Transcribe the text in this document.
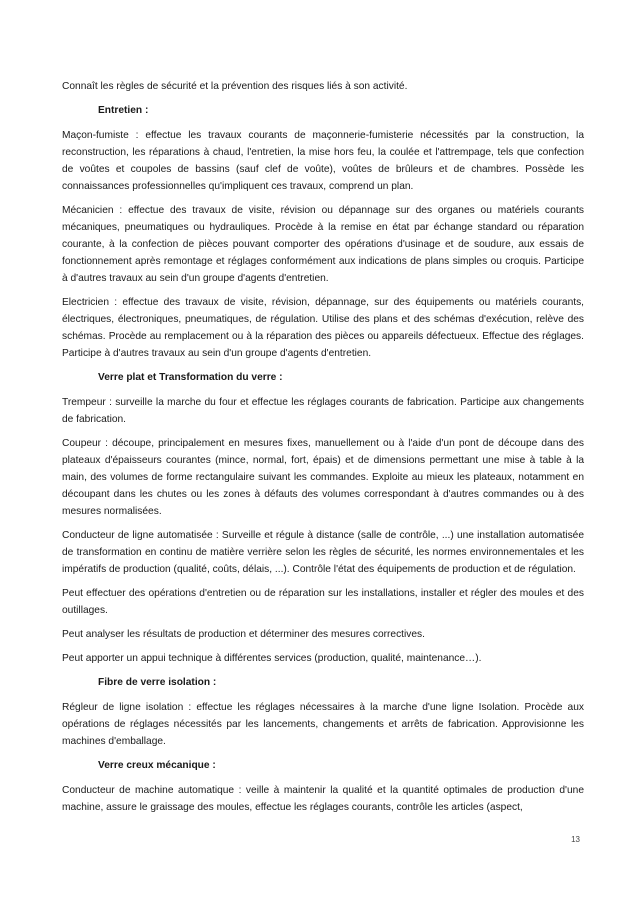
Connaît les règles de sécurité et la prévention des risques liés à son activité.

Entretien :

Maçon-fumiste : effectue les travaux courants de maçonnerie-fumisterie nécessités par la construction, la reconstruction, les réparations à chaud, l'entretien, la mise hors feu, la coulée et l'attrempage, tels que confection de voûtes et coupoles de bassins (sauf clef de voûte), voûtes de brûleurs et de chambres. Possède les connaissances professionnelles qu'impliquent ces travaux, comprend un plan.

Mécanicien : effectue des travaux de visite, révision ou dépannage sur des organes ou matériels courants mécaniques, pneumatiques ou hydrauliques. Procède à la remise en état par échange standard ou réparation courante, à la confection de pièces pouvant comporter des opérations d'usinage et de soudure, aux essais de fonctionnement après remontage et réglages conformément aux indications de plans simples ou croquis. Participe à d'autres travaux au sein d'un groupe d'agents d'entretien.

Electricien : effectue des travaux de visite, révision, dépannage, sur des équipements ou matériels courants, électriques, électroniques, pneumatiques, de régulation. Utilise des plans et des schémas d'exécution, relève des schémas. Procède au remplacement ou à la réparation des pièces ou appareils défectueux. Effectue des réglages. Participe à d'autres travaux au sein d'un groupe d'agents d'entretien.

Verre plat et Transformation du verre :

Trempeur : surveille la marche du four et effectue les réglages courants de fabrication. Participe aux changements de fabrication.

Coupeur : découpe, principalement en mesures fixes, manuellement ou à l'aide d'un pont de découpe dans des plateaux d'épaisseurs courantes (mince, normal, fort, épais) et de dimensions permettant une mise à table à la main, des volumes de forme rectangulaire suivant les commandes. Exploite au mieux les plateaux, notamment en découpant dans les chutes ou les zones à défauts des volumes correspondant à d'autres commandes ou à des mesures normalisées.

Conducteur de ligne automatisée : Surveille et régule à distance (salle de contrôle, ...) une installation automatisée de transformation en continu de matière verrière selon les règles de sécurité, les normes environnementales et les impératifs de production (qualité, coûts, délais, ...). Contrôle l'état des équipements de production et de régulation.

Peut effectuer des opérations d'entretien ou de réparation sur les installations, installer et régler des moules et des outillages.

Peut analyser les résultats de production et déterminer des mesures correctives.

Peut apporter un appui technique à différentes services (production, qualité, maintenance…).

Fibre de verre isolation :

Régleur de ligne isolation : effectue les réglages nécessaires à la marche d'une ligne Isolation. Procède aux opérations de réglages nécessités par les lancements, changements et arrêts de fabrication. Approvisionne les machines d'emballage.

Verre creux mécanique :

Conducteur de machine automatique : veille à maintenir la qualité et la quantité optimales de production d'une machine, assure le graissage des moules, effectue les réglages courants, contrôle les articles (aspect,

13
